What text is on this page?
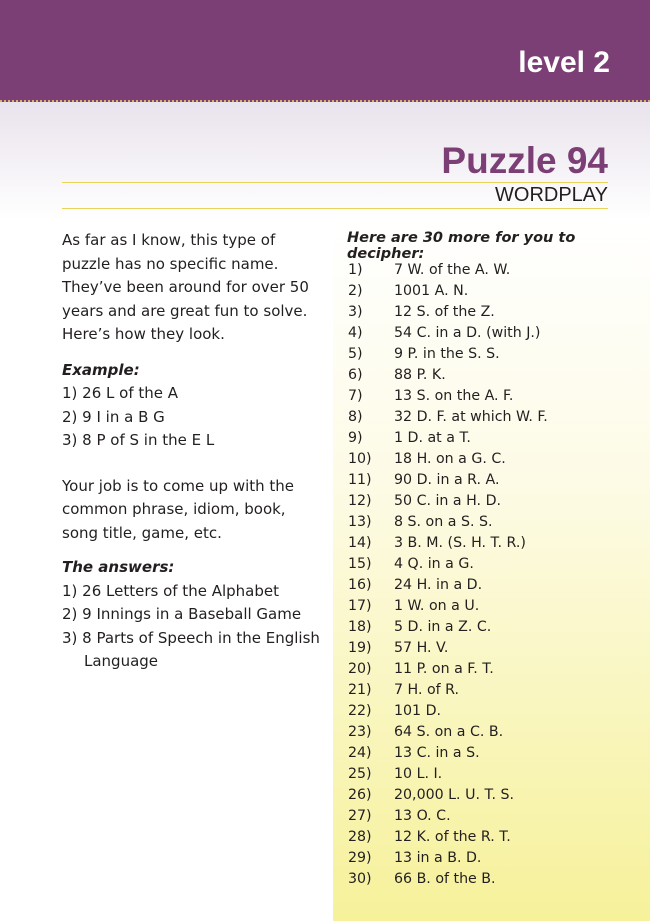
level 2
Puzzle 94
WORDPLAY

As far as I know, this type of puzzle has no specific name. They’ve been around for over 50 years and are great fun to solve. Here’s how they look.

Example:

1) 26 L of the A
2) 9 I in a B G
3) 8 P of S in the E L

Your job is to come up with the common phrase, idiom, book, song title, game, etc.

The answers:

1) 26 Letters of the Alphabet
2) 9 Innings in a Baseball Game
3) 8 Parts of Speech in the English Language
Here are 30 more for you to decipher:
1) 7 W. of the A. W.
2) 1001 A. N.
3) 12 S. of the Z.
4) 54 C. in a D. (with J.)
5) 9 P. in the S. S.
6) 88 P. K.
7) 13 S. on the A. F.
8) 32 D. F. at which W. F.
9) 1 D. at a T.
10) 18 H. on a G. C.
11) 90 D. in a R. A.
12) 50 C. in a H. D.
13) 8 S. on a S. S.
14) 3 B. M. (S. H. T. R.)
15) 4 Q. in a G.
16) 24 H. in a D.
17) 1 W. on a U.
18) 5 D. in a Z. C.
19) 57 H. V.
20) 11 P. on a F. T.
21) 7 H. of R.
22) 101 D.
23) 64 S. on a C. B.
24) 13 C. in a S.
25) 10 L. I.
26) 20,000 L. U. T. S.
27) 13 O. C.
28) 12 K. of the R. T.
29) 13 in a B. D.
30) 66 B. of the B.
